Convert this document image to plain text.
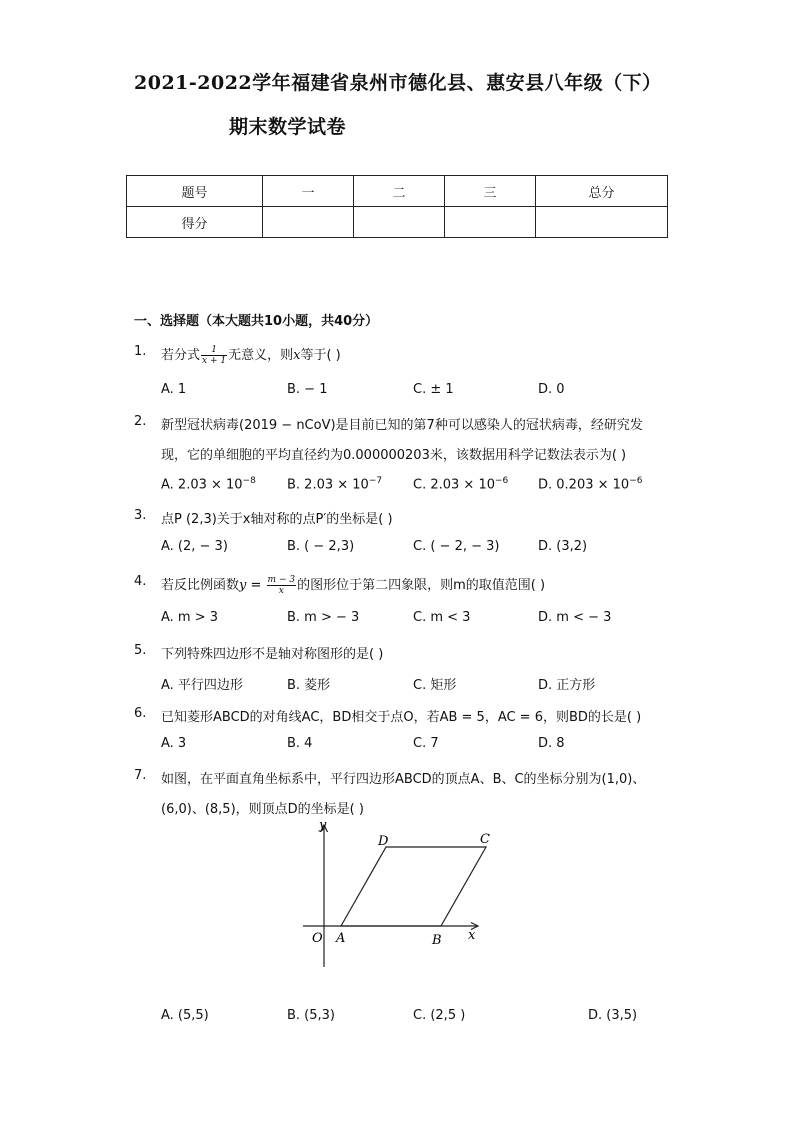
2021-2022学年福建省泉州市德化县、惠安县八年级（下）
期末数学试卷
题号	一	二	三	总分
得分				
一、选择题（本大题共10小题，共40分）
1. 若分式 $\frac{1}{x + 1}$ 无意义，则x等于( )
A. 1	B. − 1	C. ± 1	D. 0
2. 新型冠状病毒(2019 − nCoV)是目前已知的第7种可以感染人的冠状病毒，经研究发
现，它的单细胞的平均直径约为0.000000203米，该数据用科学记数法表示为( )
A. $2.03 \times 10^{-8}$ B. $2.03 \times 10^{-7}$ C. $2.03 \times 10^{-6}$ D. $0.203 \times 10^{-6}$
3. 点P (2,3)关于x轴对称的点P′的坐标是( )
A. (2, − 3)	B. ( − 2,3)	C. ( − 2, − 3)	D. (3,2)
4. 若反比例函数$y = \frac{m - 3}{x}$ 的图形位于第二四象限，则m的取值范围( )
A. m > 3	B. m > − 3	C. m < 3	D. m < − 3
5. 下列特殊四边形不是轴对称图形的是( )
A. 平行四边形	B. 菱形	C. 矩形	D. 正方形
6. 已知菱形ABCD的对角线AC，BD相交于点O，若AB = 5，AC = 6，则BD的长是( )
A. 3	B. 4	C. 7	D. 8
7. 如图，在平面直角坐标系中，平行四边形ABCD的顶点A、B、C的坐标分别为(1,0)、
(6,0)、(8,5)，则顶点D的坐标是( )
y
x
O A	B
C
D
A. (5,5)	B. (5,3)	C. (2,5 )	D. (3,5)
